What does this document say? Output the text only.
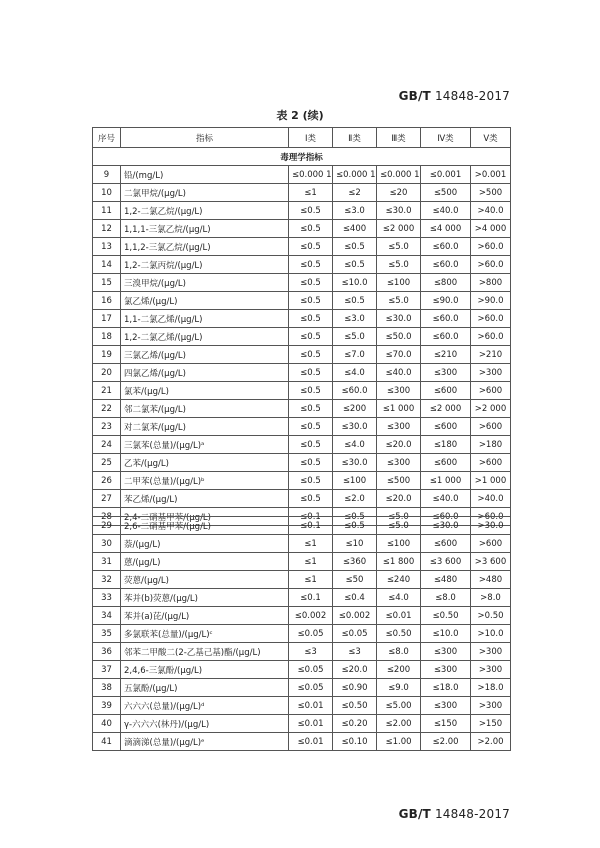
GB/T 14848-2017
表 2 (续)
序号	指标	Ⅰ类	Ⅱ类	Ⅲ类	Ⅳ类	Ⅴ类
毒理学指标						
9	铅/(mg/L)	≤0.000 1	≤0.000 1	≤0.000 1	≤0.001	>0.001
10	二氯甲烷/(μg/L)	≤1	≤2	≤20	≤500	>500
11	1,2-二氯乙烷/(μg/L)	≤0.5	≤3.0	≤30.0	≤40.0	>40.0
12	1,1,1-三氯乙烷/(μg/L)	≤0.5	≤400	≤2 000	≤4 000	>4 000
13	1,1,2-三氯乙烷/(μg/L)	≤0.5	≤0.5	≤5.0	≤60.0	>60.0
14	1,2-二氯丙烷/(μg/L)	≤0.5	≤0.5	≤5.0	≤60.0	>60.0
15	三溴甲烷/(μg/L)	≤0.5	≤10.0	≤100	≤800	>800
16	氯乙烯/(μg/L)	≤0.5	≤0.5	≤5.0	≤90.0	>90.0
17	1,1-二氯乙烯/(μg/L)	≤0.5	≤3.0	≤30.0	≤60.0	>60.0
18	1,2-二氯乙烯/(μg/L)	≤0.5	≤5.0	≤50.0	≤60.0	>60.0
19	三氯乙烯/(μg/L)	≤0.5	≤7.0	≤70.0	≤210	>210
20	四氯乙烯/(μg/L)	≤0.5	≤4.0	≤40.0	≤300	>300
21	氯苯/(μg/L)	≤0.5	≤60.0	≤300	≤600	>600
22	邻二氯苯/(μg/L)	≤0.5	≤200	≤1 000	≤2 000	>2 000
23	对二氯苯/(μg/L)	≤0.5	≤30.0	≤300	≤600	>600
24	三氯苯(总量)/(μg/L)ᵃ	≤0.5	≤4.0	≤20.0	≤180	>180
25	乙苯/(μg/L)	≤0.5	≤30.0	≤300	≤600	>600
26	二甲苯(总量)/(μg/L)ᵇ	≤0.5	≤100	≤500	≤1 000	>1 000
27	苯乙烯/(μg/L)	≤0.5	≤2.0	≤20.0	≤40.0	>40.0
28	2,4-二硝基甲苯/(μg/L)	≤0.1	≤0.5	≤5.0	≤60.0	>60.0
29	2,6-二硝基甲苯/(μg/L)	≤0.1	≤0.5	≤5.0	≤30.0	>30.0
30	萘/(μg/L)	≤1	≤10	≤100	≤600	>600
31	蒽/(μg/L)	≤1	≤360	≤1 800	≤3 600	>3 600
32	荧蒽/(μg/L)	≤1	≤50	≤240	≤480	>480
33	苯并(b)荧蒽/(μg/L)	≤0.1	≤0.4	≤4.0	≤8.0	>8.0
34	苯并(a)芘/(μg/L)	≤0.002	≤0.002	≤0.01	≤0.50	>0.50
35	多氯联苯(总量)/(μg/L)ᶜ	≤0.05	≤0.05	≤0.50	≤10.0	>10.0
36	邻苯二甲酸二(2-乙基己基)酯/(μg/L)	≤3	≤3	≤8.0	≤300	>300
37	2,4,6-三氯酚/(μg/L)	≤0.05	≤20.0	≤200	≤300	>300
38	五氯酚/(μg/L)	≤0.05	≤0.90	≤9.0	≤18.0	>18.0
39	六六六(总量)/(μg/L)ᵈ	≤0.01	≤0.50	≤5.00	≤300	>300
40	γ-六六六(林丹)/(μg/L)	≤0.01	≤0.20	≤2.00	≤150	>150
41	滴滴涕(总量)/(μg/L)ᵉ	≤0.01	≤0.10	≤1.00	≤2.00	>2.00
GB/T 14848-2017
